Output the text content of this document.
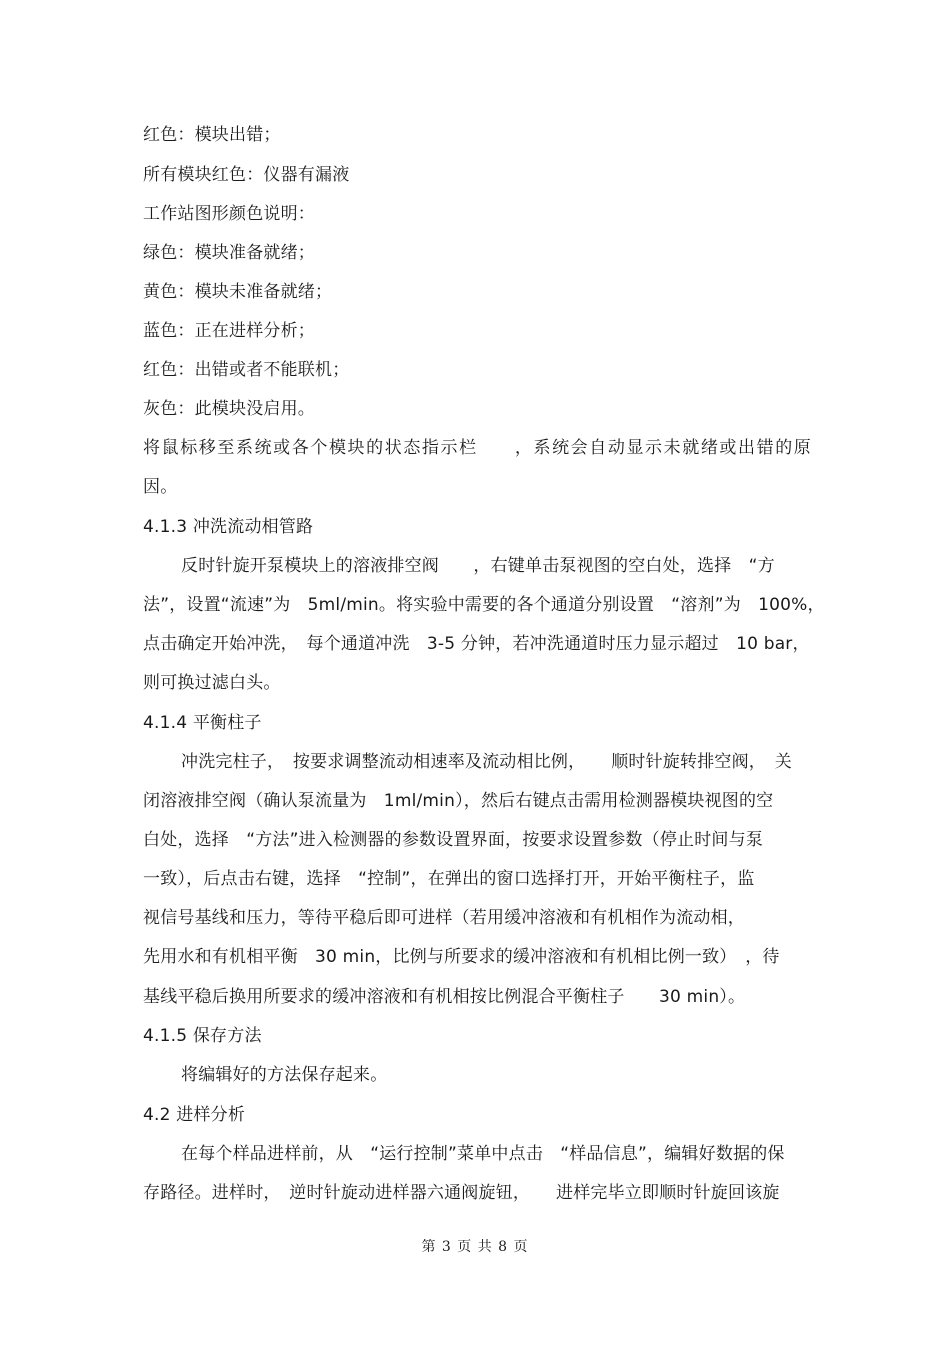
红色：模块出错；
所有模块红色：仪器有漏液
工作站图形颜色说明：
绿色：模块准备就绪；
黄色：模块未准备就绪；
蓝色：正在进样分析；
红色：出错或者不能联机；
灰色：此模块没启用。
将鼠标移至系统或各个模块的状态指示栏　　，系统会自动显示未就绪或出错的原
因。
4.1.3 冲洗流动相管路
反时针旋开泵模块上的溶液排空阀　　，右键单击泵视图的空白处，选择　“方
法”，设置“流速”为　5ml/min。将实验中需要的各个通道分别设置　“溶剂”为　100%，
点击确定开始冲洗，　每个通道冲洗　3-5 分钟，若冲洗通道时压力显示超过　10 bar，
则可换过滤白头。
4.1.4 平衡柱子
冲洗完柱子，　按要求调整流动相速率及流动相比例，　　顺时针旋转排空阀，　关
闭溶液排空阀（确认泵流量为　1ml/min），然后右键点击需用检测器模块视图的空
白处，选择　“方法”进入检测器的参数设置界面，按要求设置参数（停止时间与泵
一致），后点击右键，选择　“控制”，在弹出的窗口选择打开，开始平衡柱子，监
视信号基线和压力，等待平稳后即可进样（若用缓冲溶液和有机相作为流动相，
先用水和有机相平衡　30 min，比例与所要求的缓冲溶液和有机相比例一致）　，待
基线平稳后换用所要求的缓冲溶液和有机相按比例混合平衡柱子　　30 min）。
4.1.5 保存方法
将编辑好的方法保存起来。
4.2 进样分析
在每个样品进样前，从　“运行控制”菜单中点击　“样品信息”，编辑好数据的保
存路径。进样时，　逆时针旋动进样器六通阀旋钮，　　进样完毕立即顺时针旋回该旋
第 3 页 共 8 页
